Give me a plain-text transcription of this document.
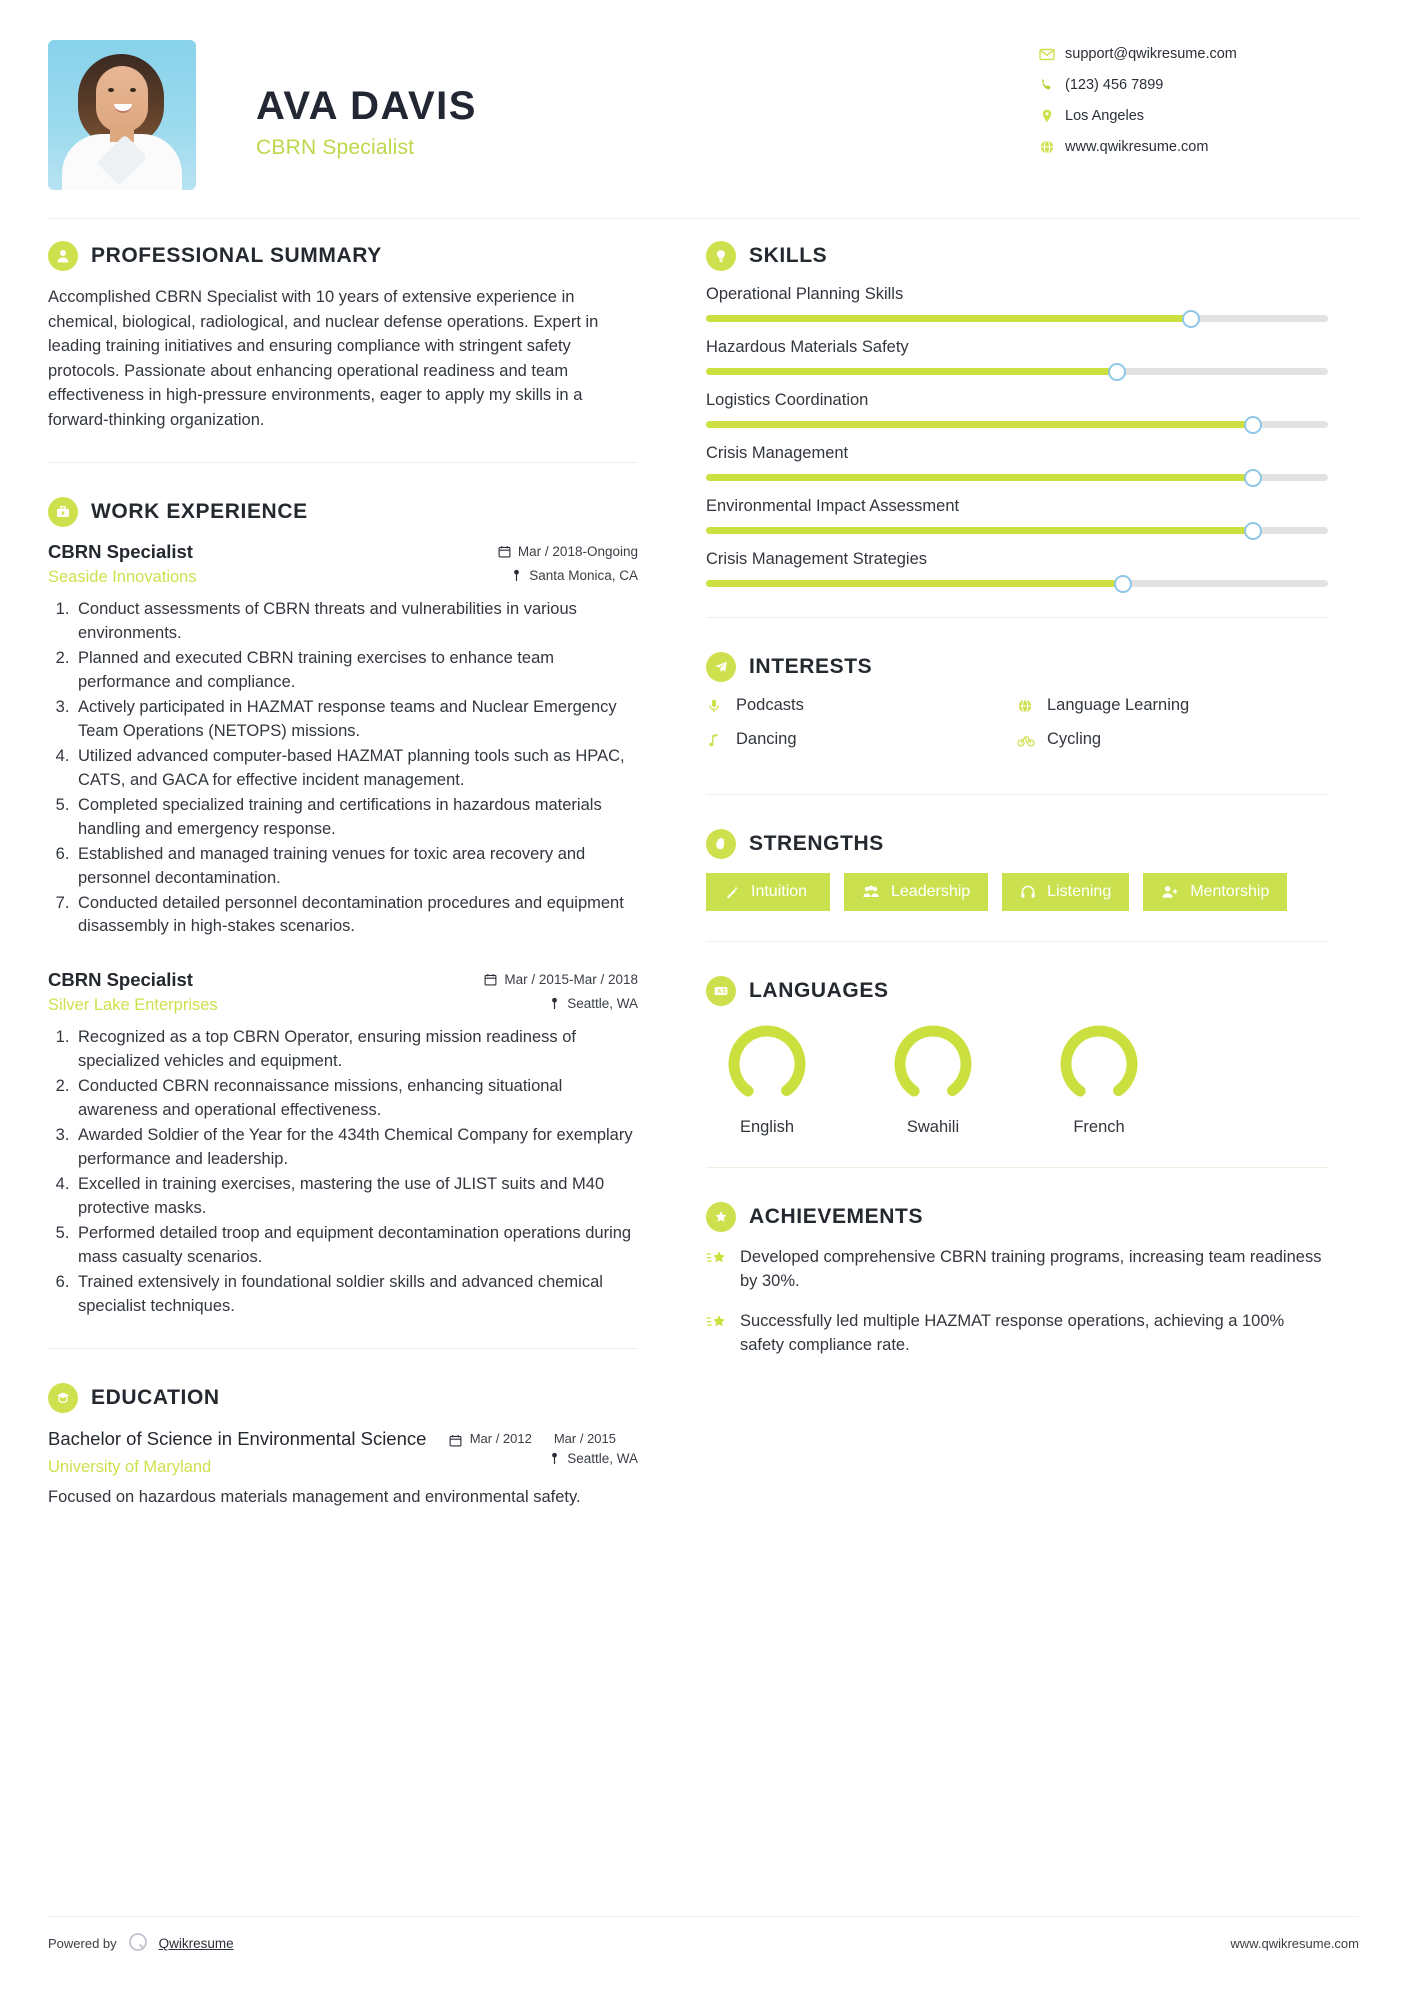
AVA DAVIS
CBRN Specialist
support@qwikresume.com
(123) 456 7899
Los Angeles
www.qwikresume.com
PROFESSIONAL SUMMARY
Accomplished CBRN Specialist with 10 years of extensive experience in chemical, biological, radiological, and nuclear defense operations. Expert in leading training initiatives and ensuring compliance with stringent safety protocols. Passionate about enhancing operational readiness and team effectiveness in high-pressure environments, eager to apply my skills in a forward-thinking organization.
WORK EXPERIENCE
CBRN Specialist	Mar / 2018-Ongoing
Seaside Innovations	Santa Monica, CA
1. Conduct assessments of CBRN threats and vulnerabilities in various environments.
2. Planned and executed CBRN training exercises to enhance team performance and compliance.
3. Actively participated in HAZMAT response teams and Nuclear Emergency Team Operations (NETOPS) missions.
4. Utilized advanced computer-based HAZMAT planning tools such as HPAC, CATS, and GACA for effective incident management.
5. Completed specialized training and certifications in hazardous materials handling and emergency response.
6. Established and managed training venues for toxic area recovery and personnel decontamination.
7. Conducted detailed personnel decontamination procedures and equipment disassembly in high-stakes scenarios.
CBRN Specialist	Mar / 2015-Mar / 2018
Silver Lake Enterprises	Seattle, WA
1. Recognized as a top CBRN Operator, ensuring mission readiness of specialized vehicles and equipment.
2. Conducted CBRN reconnaissance missions, enhancing situational awareness and operational effectiveness.
3. Awarded Soldier of the Year for the 434th Chemical Company for exemplary performance and leadership.
4. Excelled in training exercises, mastering the use of JLIST suits and M40 protective masks.
5. Performed detailed troop and equipment decontamination operations during mass casualty scenarios.
6. Trained extensively in foundational soldier skills and advanced chemical specialist techniques.
EDUCATION
Bachelor of Science in Environmental Science	Mar / 2012 Mar / 2015
University of Maryland	Seattle, WA
Focused on hazardous materials management and environmental safety.
SKILLS
Operational Planning Skills
Hazardous Materials Safety
Logistics Coordination
Crisis Management
Environmental Impact Assessment
Crisis Management Strategies
INTERESTS
Podcasts	Language Learning
Dancing	Cycling
STRENGTHS
Intuition	Leadership	Listening	Mentorship
A 文 LANGUAGES
English	Swahili	French
ACHIEVEMENTS
Developed comprehensive CBRN training programs, increasing team readiness by 30%.
Successfully led multiple HAZMAT response operations, achieving a 100% safety compliance rate.
Powered by	Qwikresume	www.qwikresume.com
